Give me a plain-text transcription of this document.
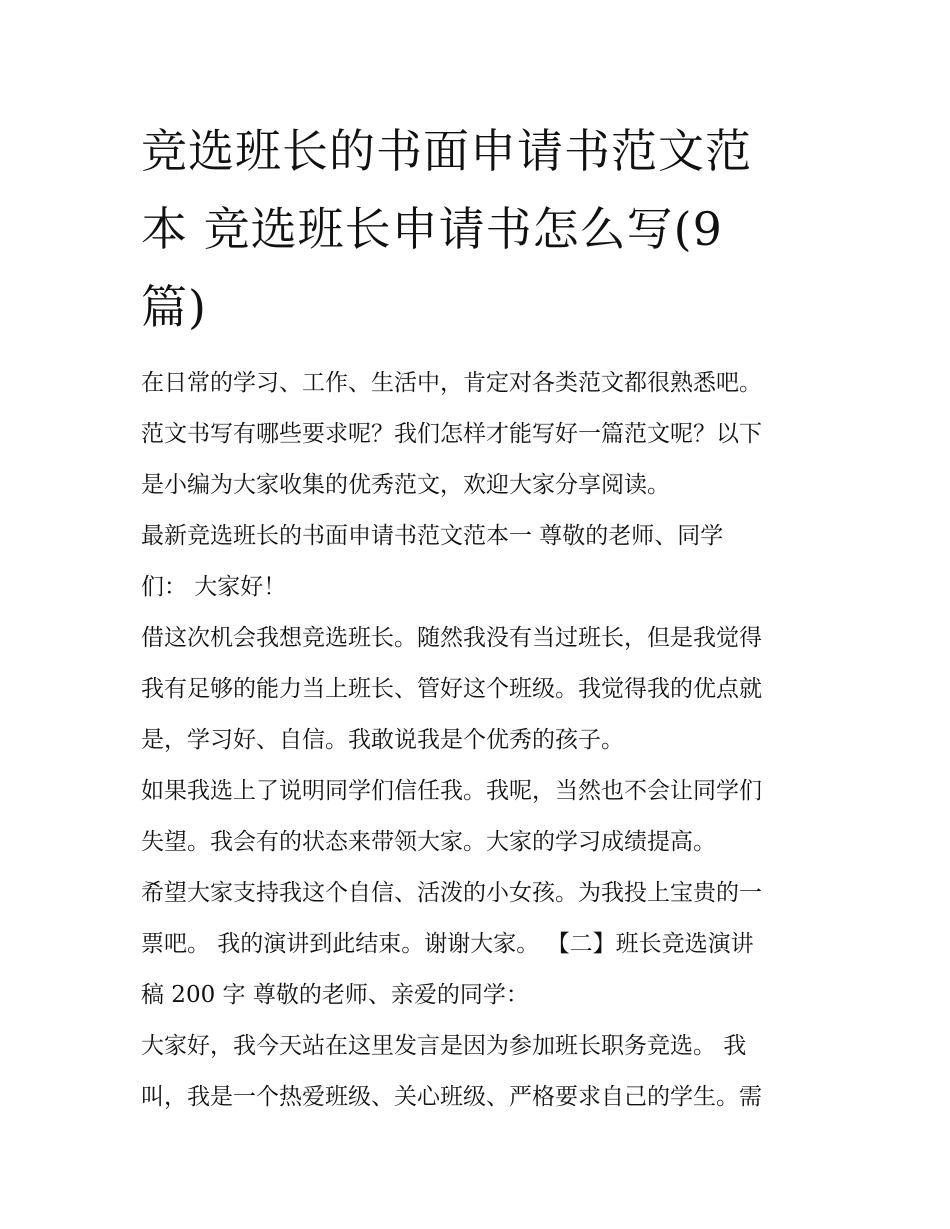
竞选班长的书面申请书范文范
本 竞选班长申请书怎么写(9
篇)

在日常的学习、工作、生活中，肯定对各类范文都很熟悉吧。
范文书写有哪些要求呢？我们怎样才能写好一篇范文呢？以下
是小编为大家收集的优秀范文，欢迎大家分享阅读。

最新竞选班长的书面申请书范文范本一 尊敬的老师、同学
们： 大家好！

借这次机会我想竞选班长。随然我没有当过班长，但是我觉得
我有足够的能力当上班长、管好这个班级。我觉得我的优点就
是，学习好、自信。我敢说我是个优秀的孩子。

如果我选上了说明同学们信任我。我呢，当然也不会让同学们
失望。我会有的状态来带领大家。大家的学习成绩提高。

希望大家支持我这个自信、活泼的小女孩。为我投上宝贵的一
票吧。 我的演讲到此结束。谢谢大家。 【二】班长竞选演讲
稿 200 字 尊敬的老师、亲爱的同学：

大家好，我今天站在这里发言是因为参加班长职务竞选。 我
叫，我是一个热爱班级、关心班级、严格要求自己的学生。需
